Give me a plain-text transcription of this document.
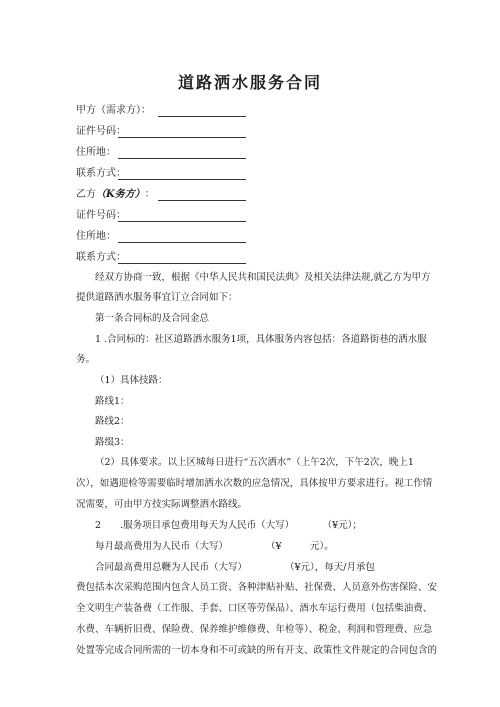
道路洒水服务合同
甲方（需求方）：
证件号码：
住所地：
联系方式：
乙方（K务方）：
证件号码：
住所地：
联系方式：
经双方协商一致，根据《中华人民共和国民法典》及相关法律法规,就乙方为甲方
提供道路洒水服务事宜订立合同如下：
第一条合同标的及合同金总
1 .合同标的：社区道路洒水服务1项，具体服务内容包括：各道路街巷的洒水服
务。
（1）具体技路：
路线1：
路线2：
路缀3：
（2）具体要求。以上区城每日进行“五次洒水”（上午2次，下午2次，晚上1
次），如遇迎检等需要临时增加洒水次数的应急情况，具体按甲方要求进行。视工作情
况需要，可由甲方技实际调整洒水路线。
2　　.服务项目承包费用每天为人民币（大写）　　　　（¥元）；
每月最高费用为人民币（大写）　　　　　（¥　　　元）。
合同最高费用总鞭为人民币（大写）　　　　　（¥元），每天/月承包
费包括本次采购范围内包含人员工资、各种津贴补贴、社保费、人员意外伤害保险、安
全文明生产装备费（工作服、手套、口区等劳保品）、酒水车运行费用（包括柴油费、
水费、车辆折旧费、保险费、保养维护维修费、年检等）、税金、利润和管理费、应急
处置等完成合同所需的一切本身和不可或缺的所有开支、政策性文件规定的合同包含的
